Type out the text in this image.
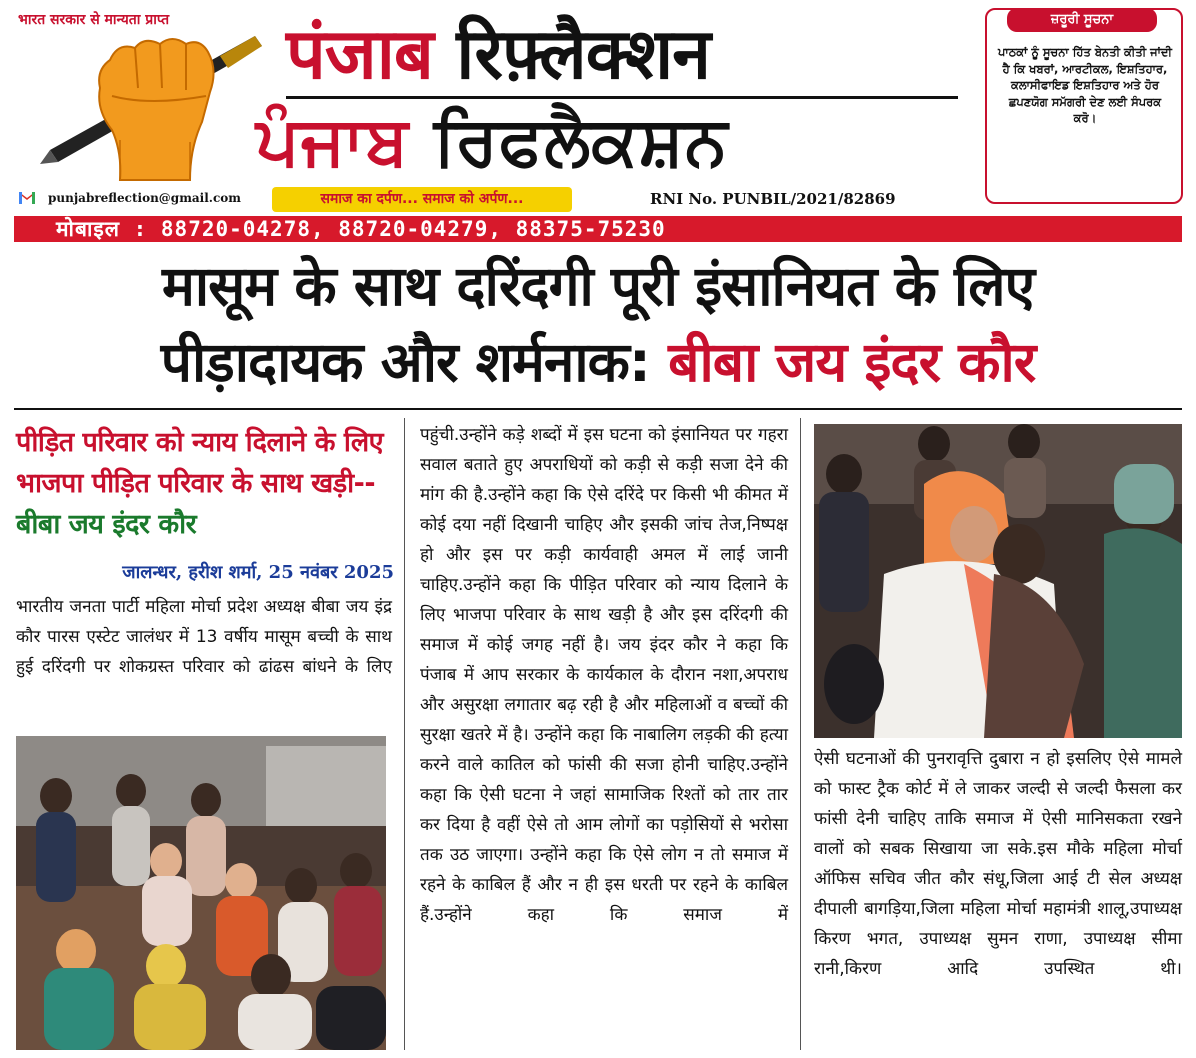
भारत सरकार से मान्यता प्राप्त पंजाब रिफ़्लैक्शन
ਪੰਜਾਬ ਰਿਫਲੈਕਸ਼ਨ
punjabreflection@gmail.com	समाज का दर्पण... समाज को अर्पण...	RNI No. PUNBIL/2021/82869
ਜ਼ਰੂਰੀ ਸੂਚਨਾ
ਪਾਠਕਾਂ ਨੂੰ ਸੂਚਨਾ ਹਿੱਤ ਬੇਨਤੀ ਕੀਤੀ ਜਾਂਦੀ ਹੈ ਕਿ ਖਬਰਾਂ, ਆਰਟੀਕਲ, ਇਸ਼ਤਿਹਾਰ, ਕਲਾਸੀਫਾਇਡ ਇਸ਼ਤਿਹਾਰ ਅਤੇ ਹੋਰ ਛਪਣਯੋਗ ਸਮੱਗਰੀ ਦੇਣ ਲਈ ਸੰਪਰਕ ਕਰੋ।
मोबाइल : 88720-04278, 88720-04279, 88375-75230
मासूम के साथ दरिंदगी पूरी इंसानियत के लिए
पीड़ादायक और शर्मनाक: बीबा जय इंदर कौर
पीड़ित परिवार को न्याय दिलाने के लिए भाजपा पीड़ित परिवार के साथ खड़ी--बीबा जय इंदर कौर
जालन्धर, हरीश शर्मा, 25 नवंबर 2025
भारतीय जनता पार्टी महिला मोर्चा प्रदेश अध्यक्ष बीबा जय इंद्र कौर पारस एस्टेट जालंधर में 13 वर्षीय मासूम बच्ची के साथ हुई दरिंदगी पर शोकग्रस्त परिवार को ढांढस बांधने के लिए
पहुंची.उन्होंने कड़े शब्दों में इस घटना को इंसानियत पर गहरा सवाल बताते हुए अपराधियों को कड़ी से कड़ी सजा देने की मांग की है.उन्होंने कहा कि ऐसे दरिंदे पर किसी भी कीमत में कोई दया नहीं दिखानी चाहिए और इसकी जांच तेज,निष्पक्ष हो और इस पर कड़ी कार्यवाही अमल में लाई जानी चाहिए.उन्होंने कहा कि पीड़ित परिवार को न्याय दिलाने के लिए भाजपा परिवार के साथ खड़ी है और इस दरिंदगी की समाज में कोई जगह नहीं है। जय इंदर कौर ने कहा कि पंजाब में आप सरकार के कार्यकाल के दौरान नशा,अपराध और असुरक्षा लगातार बढ़ रही है और महिलाओं व बच्चों की सुरक्षा खतरे में है। उन्होंने कहा कि नाबालिग लड़की की हत्या करने वाले कातिल को फांसी की सजा होनी चाहिए.उन्होंने कहा कि ऐसी घटना ने जहां सामाजिक रिश्तों को तार तार कर दिया है वहीं ऐसे तो आम लोगों का पड़ोसियों से भरोसा तक उठ जाएगा। उन्होंने कहा कि ऐसे लोग न तो समाज में रहने के काबिल हैं और न ही इस धरती पर रहने के काबिल हैं.उन्होंने कहा कि समाज में
ऐसी घटनाओं की पुनरावृत्ति दुबारा न हो इसलिए ऐसे मामले को फास्ट ट्रैक कोर्ट में ले जाकर जल्दी से जल्दी फैसला कर फांसी देनी चाहिए ताकि समाज में ऐसी मानिसकता रखने वालों को सबक सिखाया जा सके.इस मौके महिला मोर्चा ऑफिस सचिव जीत कौर संधू,जिला आई टी सेल अध्यक्ष दीपाली बागड़िया,जिला महिला मोर्चा महामंत्री शालू,उपाध्यक्ष किरण भगत, उपाध्यक्ष सुमन राणा, उपाध्यक्ष सीमा रानी,किरण आदि उपस्थित थी।
